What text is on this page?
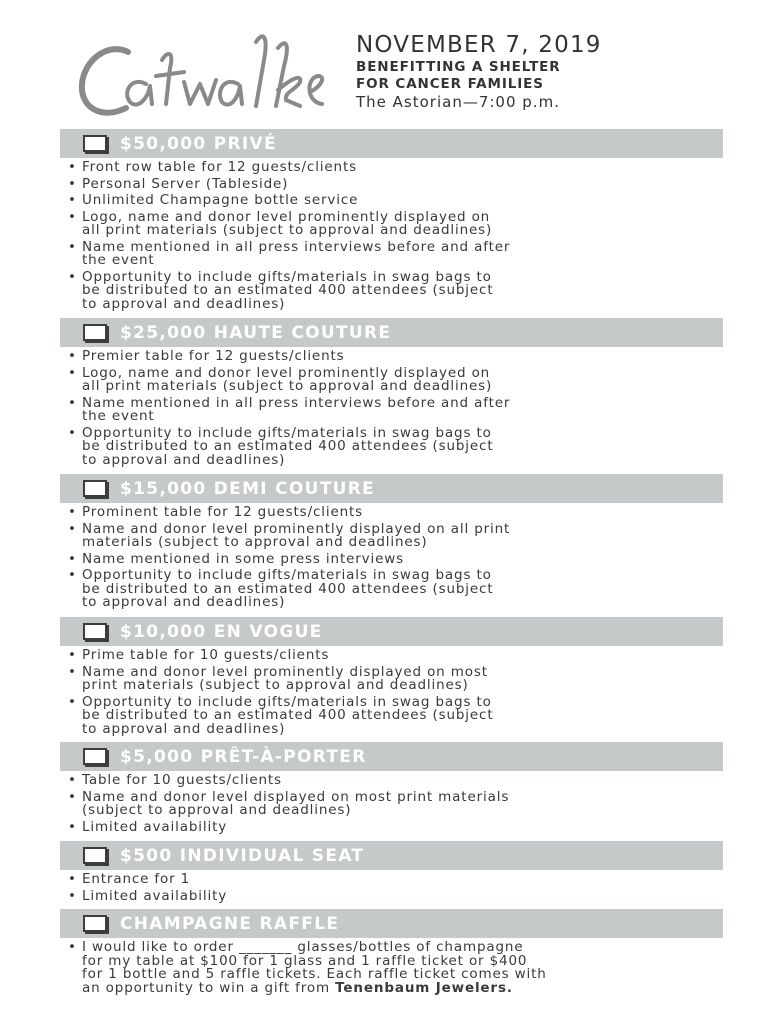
NOVEMBER 7, 2019
BENEFITTING A SHELTER
FOR CANCER FAMILIES
The Astorian—7:00 p.m.
$50,000 PRIVÉ
• Front row table for 12 guests/clients
• Personal Server (Tableside)
• Unlimited Champagne bottle service
• Logo, name and donor level prominently displayed on
all print materials (subject to approval and deadlines)
• Name mentioned in all press interviews before and after
the event
• Opportunity to include gifts/materials in swag bags to
be distributed to an estimated 400 attendees (subject
to approval and deadlines)
$25,000 HAUTE COUTURE
• Premier table for 12 guests/clients
• Logo, name and donor level prominently displayed on
all print materials (subject to approval and deadlines)
• Name mentioned in all press interviews before and after
the event
• Opportunity to include gifts/materials in swag bags to
be distributed to an estimated 400 attendees (subject
to approval and deadlines)
$15,000 DEMI COUTURE
• Prominent table for 12 guests/clients
• Name and donor level prominently displayed on all print
materials (subject to approval and deadlines)
• Name mentioned in some press interviews
• Opportunity to include gifts/materials in swag bags to
be distributed to an estimated 400 attendees (subject
to approval and deadlines)
$10,000 EN VOGUE
• Prime table for 10 guests/clients
• Name and donor level prominently displayed on most
print materials (subject to approval and deadlines)
• Opportunity to include gifts/materials in swag bags to
be distributed to an estimated 400 attendees (subject
to approval and deadlines)
$5,000 PRÊT-À-PORTER
• Table for 10 guests/clients
• Name and donor level displayed on most print materials
(subject to approval and deadlines)
• Limited availability
$500 INDIVIDUAL SEAT
• Entrance for 1
• Limited availability
CHAMPAGNE RAFFLE
• I would like to order _______ glasses/bottles of champagne
for my table at $100 for 1 glass and 1 raffle ticket or $400
for 1 bottle and 5 raffle tickets. Each raffle ticket comes with
an opportunity to win a gift from Tenenbaum Jewelers.
